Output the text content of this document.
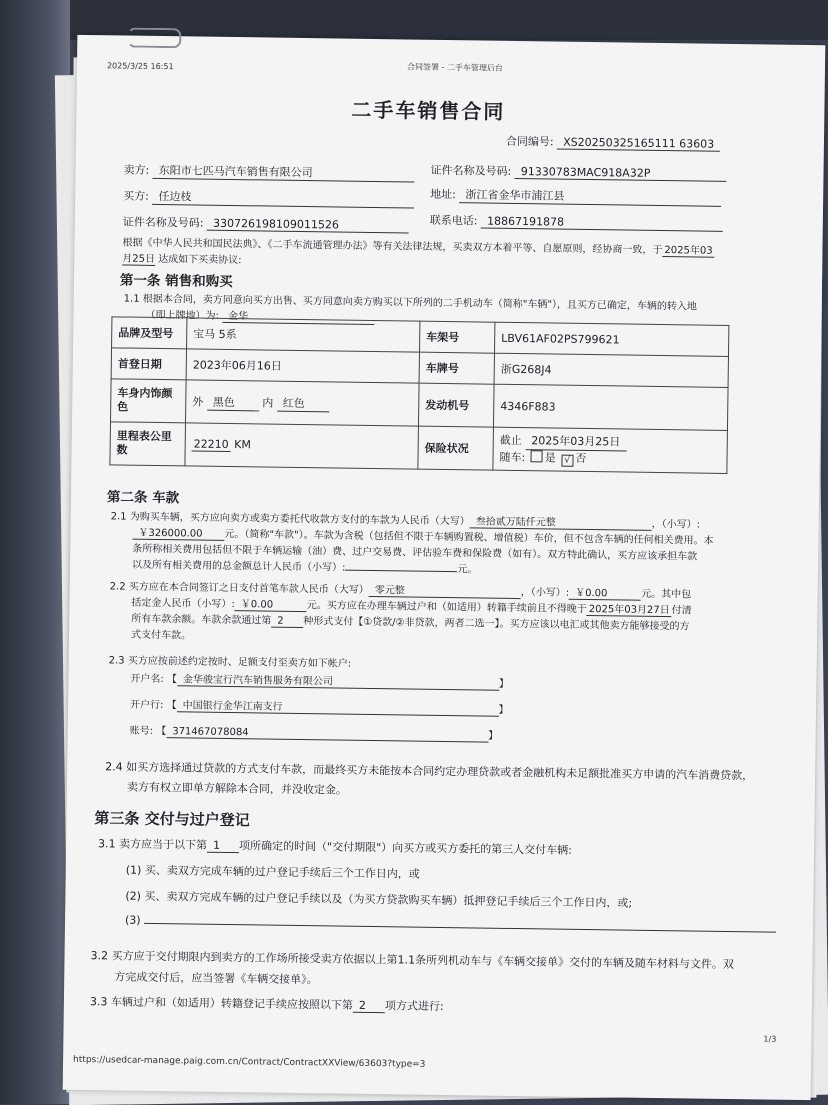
2025/3/25 16:51	合同签署 - 二手车管理后台
二手车销售合同
合同编号: XS20250325165111 63603
卖方: 东阳市七匹马汽车销售有限公司	证件名称及号码: 91330783MAC918A32P
买方: 任边枝	地址: 浙江省金华市浦江县
证件名称及号码: 330726198109011526	联系电话: 18867191878
根据《中华人民共和国民法典》、《二手车流通管理办法》等有关法律法规，买卖双方本着平等、自愿原则，经协商一致，于 2025年03
月25日 达成如下买卖协议:
第一条 销售和购买
1.1 根据本合同，卖方同意向买方出售、买方同意向卖方购买以下所列的二手机动车（简称"车辆"），且买方已确定，车辆的转入地
（即上牌地）为: 金华
品牌及型号	宝马 5系	车架号	LBV61AF02PS799621
首登日期	2023年06月16日	车牌号	浙G268J4
车身内饰颜
色	外 黑色 内 红色	发动机号	4346F883
里程表公里
数	22210 KM	保险状况	截止 2025年03月25日
随车: 是 √ 否
第二条 车款
2.1 为购买车辆，买方应向卖方或卖方委托代收款方支付的车款为人民币（大写） 叁拾贰万陆仟元整	，（小写）:
￥326000.00 元。（简称"车款"）。车款为含税（包括但不限于车辆购置税、增值税）车价，但不包含车辆的任何相关费用。本
条所称相关费用包括但不限于车辆运输（油）费、过户交易费、评估验车费和保险费（如有）。双方特此确认，买方应该承担车款
以及所有相关费用的总金额总计人民币（小写）:	元。
2.2 买方应在本合同签订之日支付首笔车款人民币（大写） 零元整	，（小写）: ￥0.00	元。其中包
括定金人民币（小写）: ￥0.00	元。买方应在办理车辆过户和（如适用）转籍手续前且不得晚于 2025年03月27日 付清
所有车款余额。车款余款通过第 2 种形式支付【①贷款/②非贷款，两者二选一】。买方应该以电汇或其他卖方能够接受的方
式支付车款。
2.3 买方应按前述约定按时、足额支付至卖方如下帐户:
开户名: 【 金华骏宝行汽车销售服务有限公司	】
开户行: 【 中国银行金华江南支行	】
账号: 【 371467078084	】
2.4 如买方选择通过贷款的方式支付车款，而最终买方未能按本合同约定办理贷款或者金融机构未足额批准买方申请的汽车消费贷款，
卖方有权立即单方解除本合同，并没收定金。
第三条 交付与过户登记
3.1 卖方应当于以下第 1 项所确定的时间（"交付期限"）向买方或买方委托的第三人交付车辆:
(1) 买、卖双方完成车辆的过户登记手续后三个工作日内，或
(2) 买、卖双方完成车辆的过户登记手续以及（为买方贷款购买车辆）抵押登记手续后三个工作日内，或;
(3)
3.2 买方应于交付期限内到卖方的工作场所接受卖方依据以上第1.1条所列机动车与《车辆交接单》交付的车辆及随车材料与文件。双
方完成交付后，应当签署《车辆交接单》。
3.3 车辆过户和（如适用）转籍登记手续应按照以下第 2 项方式进行:
1/3
https://usedcar-manage.paig.com.cn/Contract/ContractXXView/63603?type=3
